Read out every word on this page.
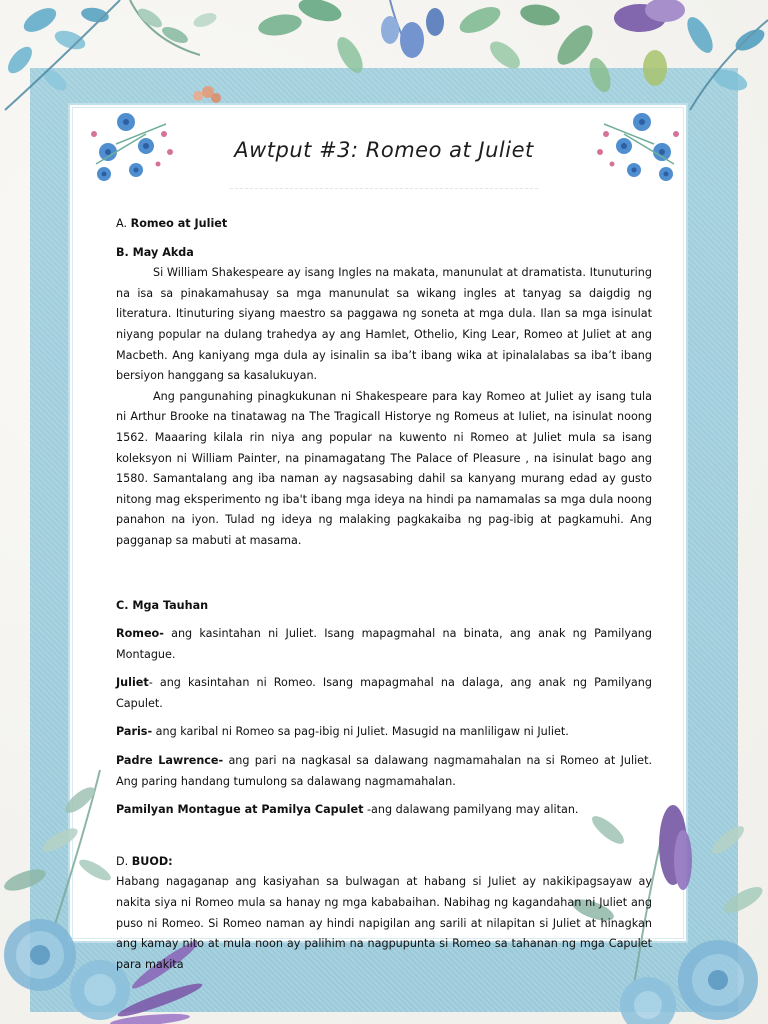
Awtput #3: Romeo at Juliet

A. Romeo at Juliet

B. May Akda

Si William Shakespeare ay isang Ingles na makata, manunulat at dramatista. Itunuturing na isa sa pinakamahusay sa mga manunulat sa wikang ingles at tanyag sa daigdig ng literatura. Itinuturing siyang maestro sa paggawa ng soneta at mga dula. Ilan sa mga isinulat niyang popular na dulang trahedya ay ang Hamlet, Othelio, King Lear, Romeo at Juliet at ang Macbeth. Ang kaniyang mga dula ay isinalin sa iba’t ibang wika at ipinalalabas sa iba’t ibang bersiyon hanggang sa kasalukuyan.

Ang pangunahing pinagkukunan ni Shakespeare para kay Romeo at Juliet ay isang tula ni Arthur Brooke na tinatawag na The Tragicall Historye ng Romeus at Iuliet, na isinulat noong 1562. Maaaring kilala rin niya ang popular na kuwento ni Romeo at Juliet mula sa isang koleksyon ni William Painter, na pinamagatang The Palace of Pleasure , na isinulat bago ang 1580. Samantalang ang iba naman ay nagsasabing dahil sa kanyang murang edad ay gusto nitong mag eksperimento ng iba't ibang mga ideya na hindi pa namamalas sa mga dula noong panahon na iyon. Tulad ng ideya ng malaking pagkakaiba ng pag-ibig at pagkamuhi. Ang pagganap sa mabuti at masama.

C. Mga Tauhan

Romeo- ang kasintahan ni Juliet. Isang mapagmahal na binata, ang anak ng Pamilyang Montague.

Juliet- ang kasintahan ni Romeo. Isang mapagmahal na dalaga, ang anak ng Pamilyang Capulet.

Paris- ang karibal ni Romeo sa pag-ibig ni Juliet. Masugid na manliligaw ni Juliet.

Padre Lawrence- ang pari na nagkasal sa dalawang nagmamahalan na si Romeo at Juliet. Ang paring handang tumulong sa dalawang nagmamahalan.

Pamilyan Montague at Pamilya Capulet -ang dalawang pamilyang may alitan.

D. BUOD:

Habang nagaganap ang kasiyahan sa bulwagan at habang si Juliet ay nakikipagsayaw ay nakita siya ni Romeo mula sa hanay ng mga kababaihan. Nabihag ng kagandahan ni Juliet ang puso ni Romeo. Si Romeo naman ay hindi napigilan ang sarili at nilapitan si Juliet at hinagkan ang kamay nito at mula noon ay palihim na nagpupunta si Romeo sa tahanan ng mga Capulet para makita
